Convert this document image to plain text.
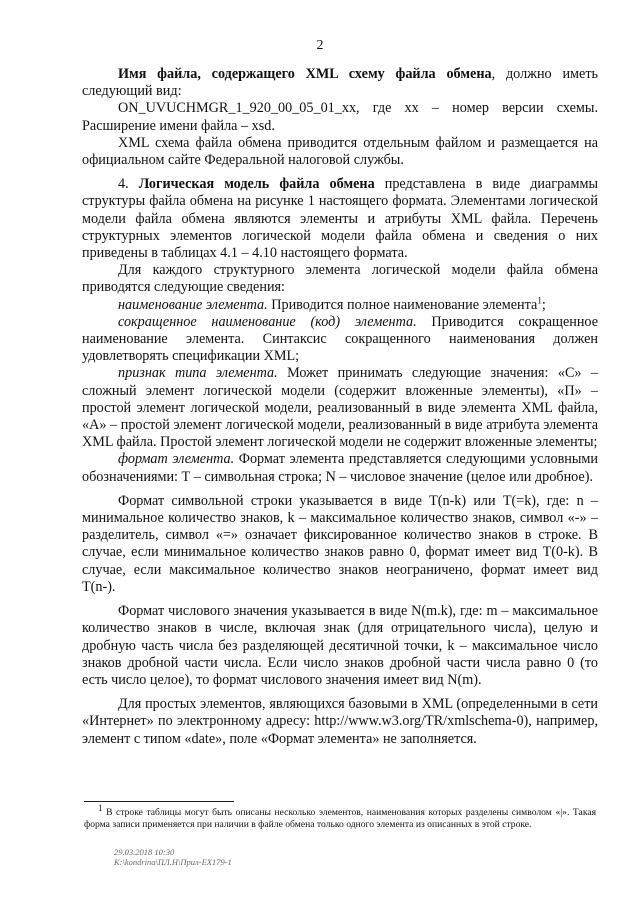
2

Имя файла, содержащего XML схему файла обмена, должно иметь следующий вид:

ON_UVUCHMGR_1_920_00_05_01_xx, где хх – номер версии схемы. Расширение имени файла – xsd.

XML схема файла обмена приводится отдельным файлом и размещается на официальном сайте Федеральной налоговой службы.

4. Логическая модель файла обмена представлена в виде диаграммы структуры файла обмена на рисунке 1 настоящего формата. Элементами логической модели файла обмена являются элементы и атрибуты XML файла. Перечень структурных элементов логической модели файла обмена и сведения о них приведены в таблицах 4.1 – 4.10 настоящего формата.

Для каждого структурного элемента логической модели файла обмена приводятся следующие сведения:

наименование элемента. Приводится полное наименование элемента$^1$;

сокращенное наименование (код) элемента. Приводится сокращенное наименование элемента. Синтаксис сокращенного наименования должен удовлетворять спецификации XML;

признак типа элемента. Может принимать следующие значения: «С» – сложный элемент логической модели (содержит вложенные элементы), «П» – простой элемент логической модели, реализованный в виде элемента XML файла, «А» – простой элемент логической модели, реализованный в виде атрибута элемента XML файла. Простой элемент логической модели не содержит вложенные элементы;

формат элемента. Формат элемента представляется следующими условными обозначениями: Т – символьная строка; N – числовое значение (целое или дробное).

Формат символьной строки указывается в виде Т(n-k) или Т(=k), где: n – минимальное количество знаков, k – максимальное количество знаков, символ «-» – разделитель, символ «=» означает фиксированное количество знаков в строке. В случае, если минимальное количество знаков равно 0, формат имеет вид Т(0-k). В случае, если максимальное количество знаков неограничено, формат имеет вид Т(n-).

Формат числового значения указывается в виде N(m.k), где: m – максимальное количество знаков в числе, включая знак (для отрицательного числа), целую и дробную часть числа без разделяющей десятичной точки, k – максимальное число знаков дробной части числа. Если число знаков дробной части числа равно 0 (то есть число целое), то формат числового значения имеет вид N(m).

Для простых элементов, являющихся базовыми в XML (определенными в сети «Интернет» по электронному адресу: http://www.w3.org/TR/xmlschema-0), например, элемент с типом «date», поле «Формат элемента» не заполняется.

$^1$ В строке таблицы могут быть описаны несколько элементов, наименования которых разделены символом «|». Такая форма записи применяется при наличии в файле обмена только одного элемента из описанных в этой строке.

29.03.2018 10:30
К:\kondrina\ПЛ.Н\Прил-ЕХ179-1
